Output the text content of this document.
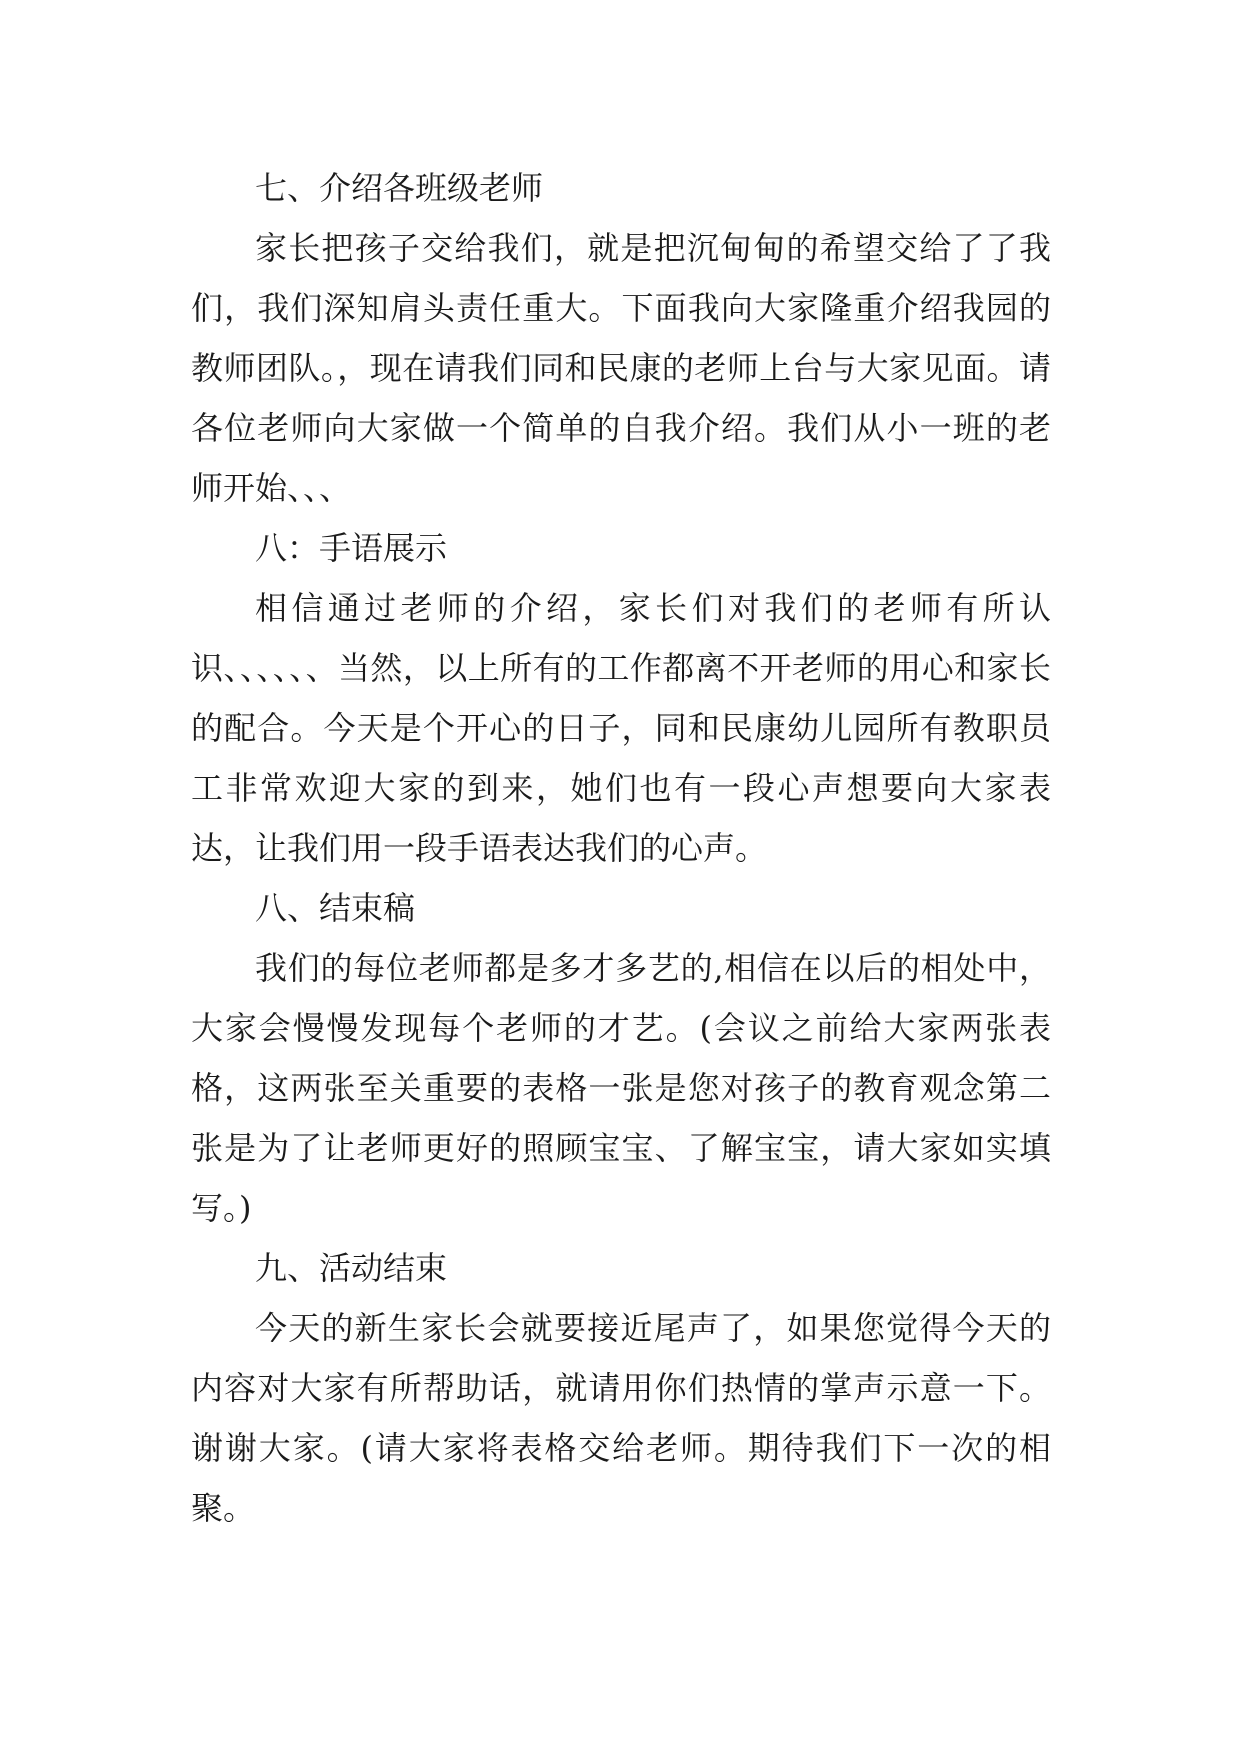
七、介绍各班级老师

家长把孩子交给我们，就是把沉甸甸的希望交给了了我们，我们深知肩头责任重大。下面我向大家隆重介绍我园的教师团队。，现在请我们同和民康的老师上台与大家见面。请各位老师向大家做一个简单的自我介绍。我们从小一班的老师开始、、、

八：手语展示

相信通过老师的介绍，家长们对我们的老师有所认识、、、、、、当然，以上所有的工作都离不开老师的用心和家长的配合。今天是个开心的日子，同和民康幼儿园所有教职员工非常欢迎大家的到来，她们也有一段心声想要向大家表达，让我们用一段手语表达我们的心声。

八、结束稿

我们的每位老师都是多才多艺的,相信在以后的相处中，大家会慢慢发现每个老师的才艺。(会议之前给大家两张表格，这两张至关重要的表格一张是您对孩子的教育观念第二张是为了让老师更好的照顾宝宝、了解宝宝，请大家如实填写。)

九、活动结束

今天的新生家长会就要接近尾声了，如果您觉得今天的内容对大家有所帮助话，就请用你们热情的掌声示意一下。谢谢大家。(请大家将表格交给老师。期待我们下一次的相聚。
